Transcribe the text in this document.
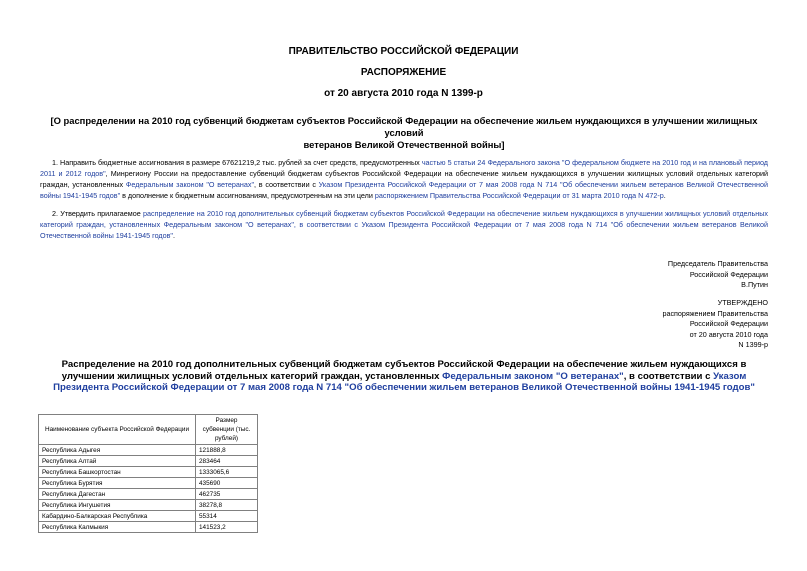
ПРАВИТЕЛЬСТВО РОССИЙСКОЙ ФЕДЕРАЦИИ
РАСПОРЯЖЕНИЕ
от 20 августа 2010 года N 1399-р
[О распределении на 2010 год субвенций бюджетам субъектов Российской Федерации на обеспечение жильем нуждающихся в улучшении жилищных условий
ветеранов Великой Отечественной войны]
1. Направить бюджетные ассигнования в размере 67621219,2 тыс. рублей за счет средств, предусмотренных частью 5 статьи 24 Федерального закона "О федеральном бюджете на 2010 год и на плановый период 2011 и 2012 годов", Минрегиону России на предоставление субвенций бюджетам субъектов Российской Федерации на обеспечение жильем нуждающихся в улучшении жилищных условий отдельных категорий граждан, установленных Федеральным законом "О ветеранах", в соответствии с Указом Президента Российской Федерации от 7 мая 2008 года N 714 "Об обеспечении жильем ветеранов Великой Отечественной войны 1941-1945 годов" в дополнение к бюджетным ассигнованиям, предусмотренным на эти цели распоряжением Правительства Российской Федерации от 31 марта 2010 года N 472-р.
2. Утвердить прилагаемое распределение на 2010 год дополнительных субвенций бюджетам субъектов Российской Федерации на обеспечение жильем нуждающихся в улучшении жилищных условий отдельных категорий граждан, установленных Федеральным законом "О ветеранах", в соответствии с Указом Президента Российской Федерации от 7 мая 2008 года N 714 "Об обеспечении жильем ветеранов Великой Отечественной войны 1941-1945 годов".
Председатель Правительства
Российской Федерации
В.Путин
УТВЕРЖДЕНО
распоряжением Правительства
Российской Федерации
от 20 августа 2010 года
N 1399-р
Распределение на 2010 год дополнительных субвенций бюджетам субъектов Российской Федерации на обеспечение жильем нуждающихся в улучшении жилищных условий отдельных категорий граждан, установленных Федеральным законом "О ветеранах", в соответствии с Указом Президента Российской Федерации от 7 мая 2008 года N 714 "Об обеспечении жильем ветеранов Великой Отечественной войны 1941-1945 годов"
Наименование субъекта Российской Федерации	Размер субвенции (тыс. рублей)
Республика Адыгея	121888,8
Республика Алтай	283464
Республика Башкортостан	1333065,6
Республика Бурятия	435690
Республика Дагестан	462735
Республика Ингушетия	38278,8
Кабардино-Балкарская Республика	55314
Республика Калмыкия	141523,2
